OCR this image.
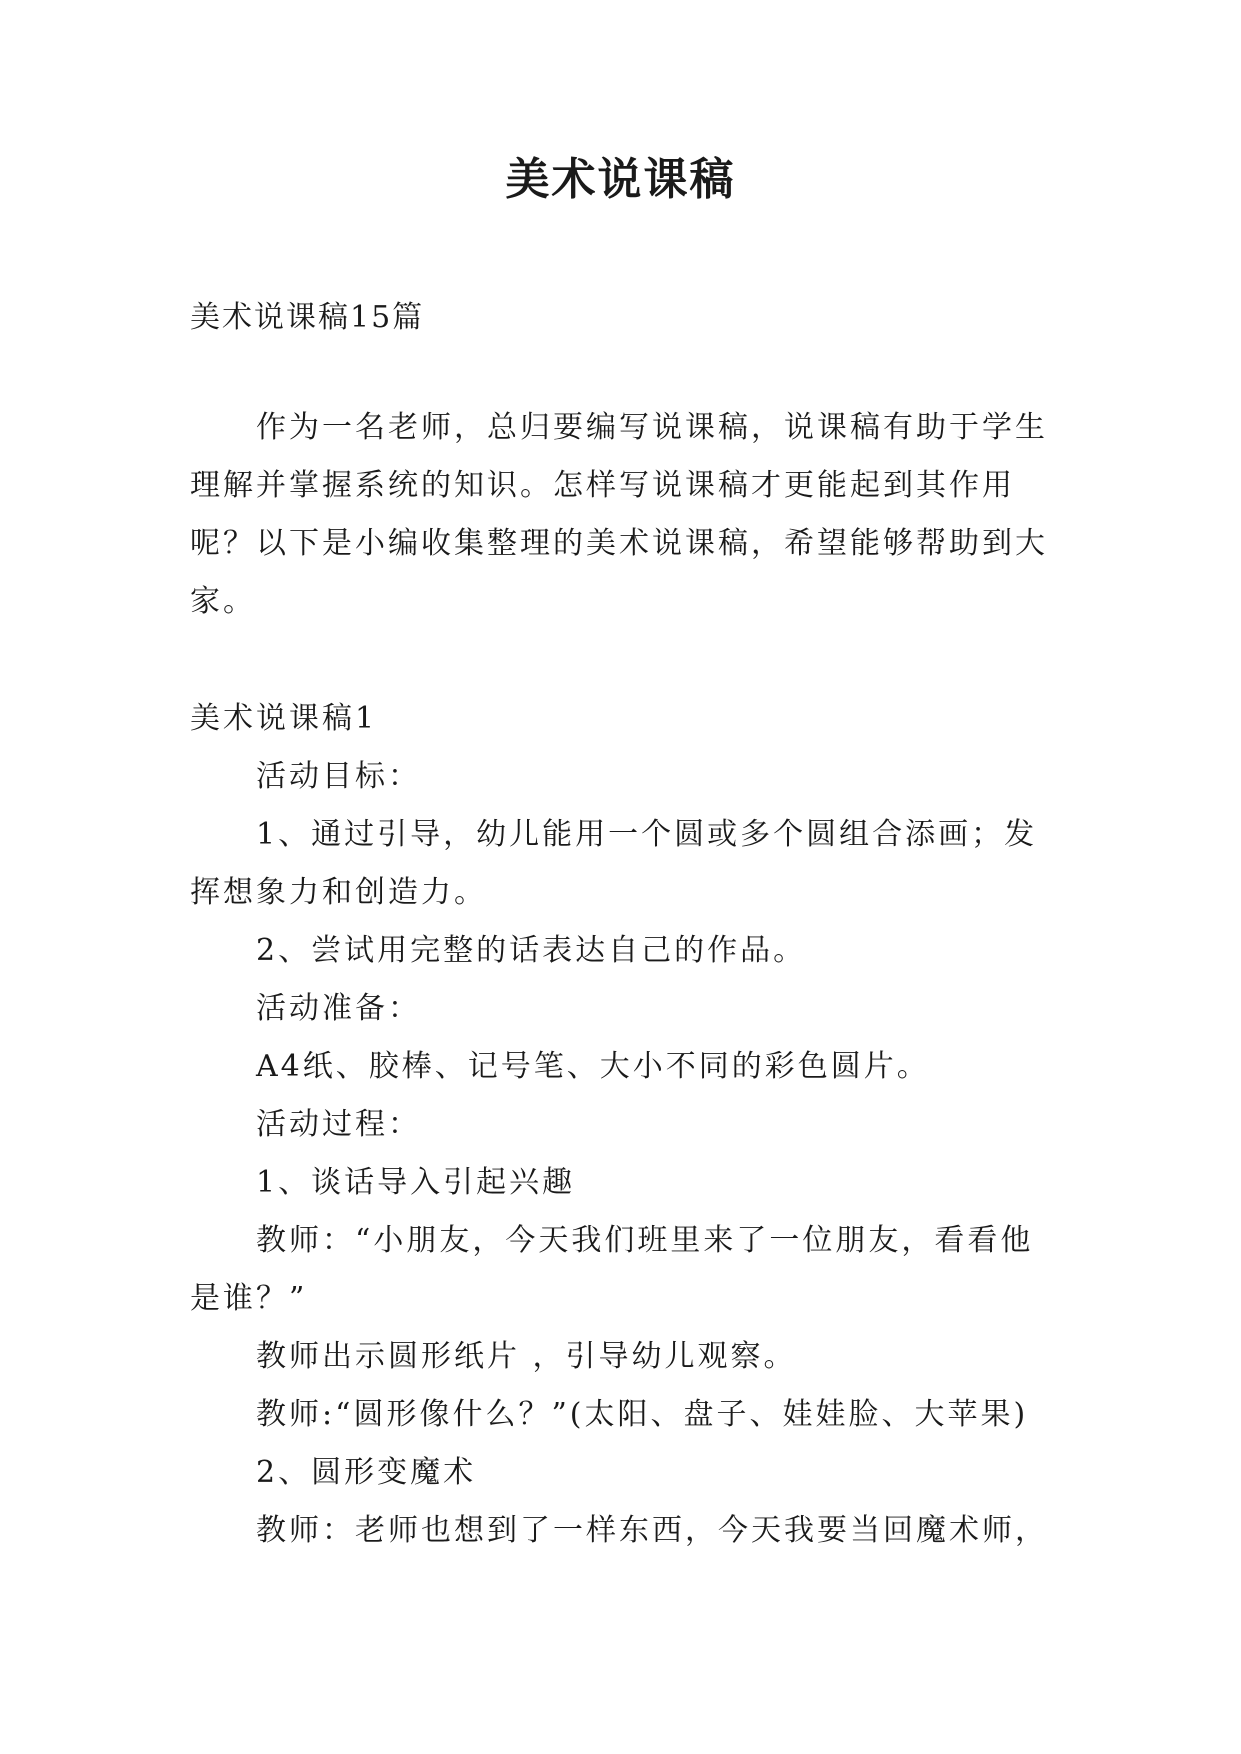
美术说课稿
美术说课稿15篇

作为一名老师，总归要编写说课稿，说课稿有助于学生理解并掌握系统的知识。怎样写说课稿才更能起到其作用呢？以下是小编收集整理的美术说课稿，希望能够帮助到大家。

美术说课稿1

活动目标：

1、通过引导，幼儿能用一个圆或多个圆组合添画；发挥想象力和创造力。

2、尝试用完整的话表达自己的作品。

活动准备：

A4纸、胶棒、记号笔、大小不同的彩色圆片。

活动过程：

1、谈话导入引起兴趣

教师：“小朋友，今天我们班里来了一位朋友，看看他是谁？”

教师出示圆形纸片 ，引导幼儿观察。

教师:“圆形像什么？”(太阳、盘子、娃娃脸、大苹果)

2、圆形变魔术

教师：老师也想到了一样东西，今天我要当回魔术师，
